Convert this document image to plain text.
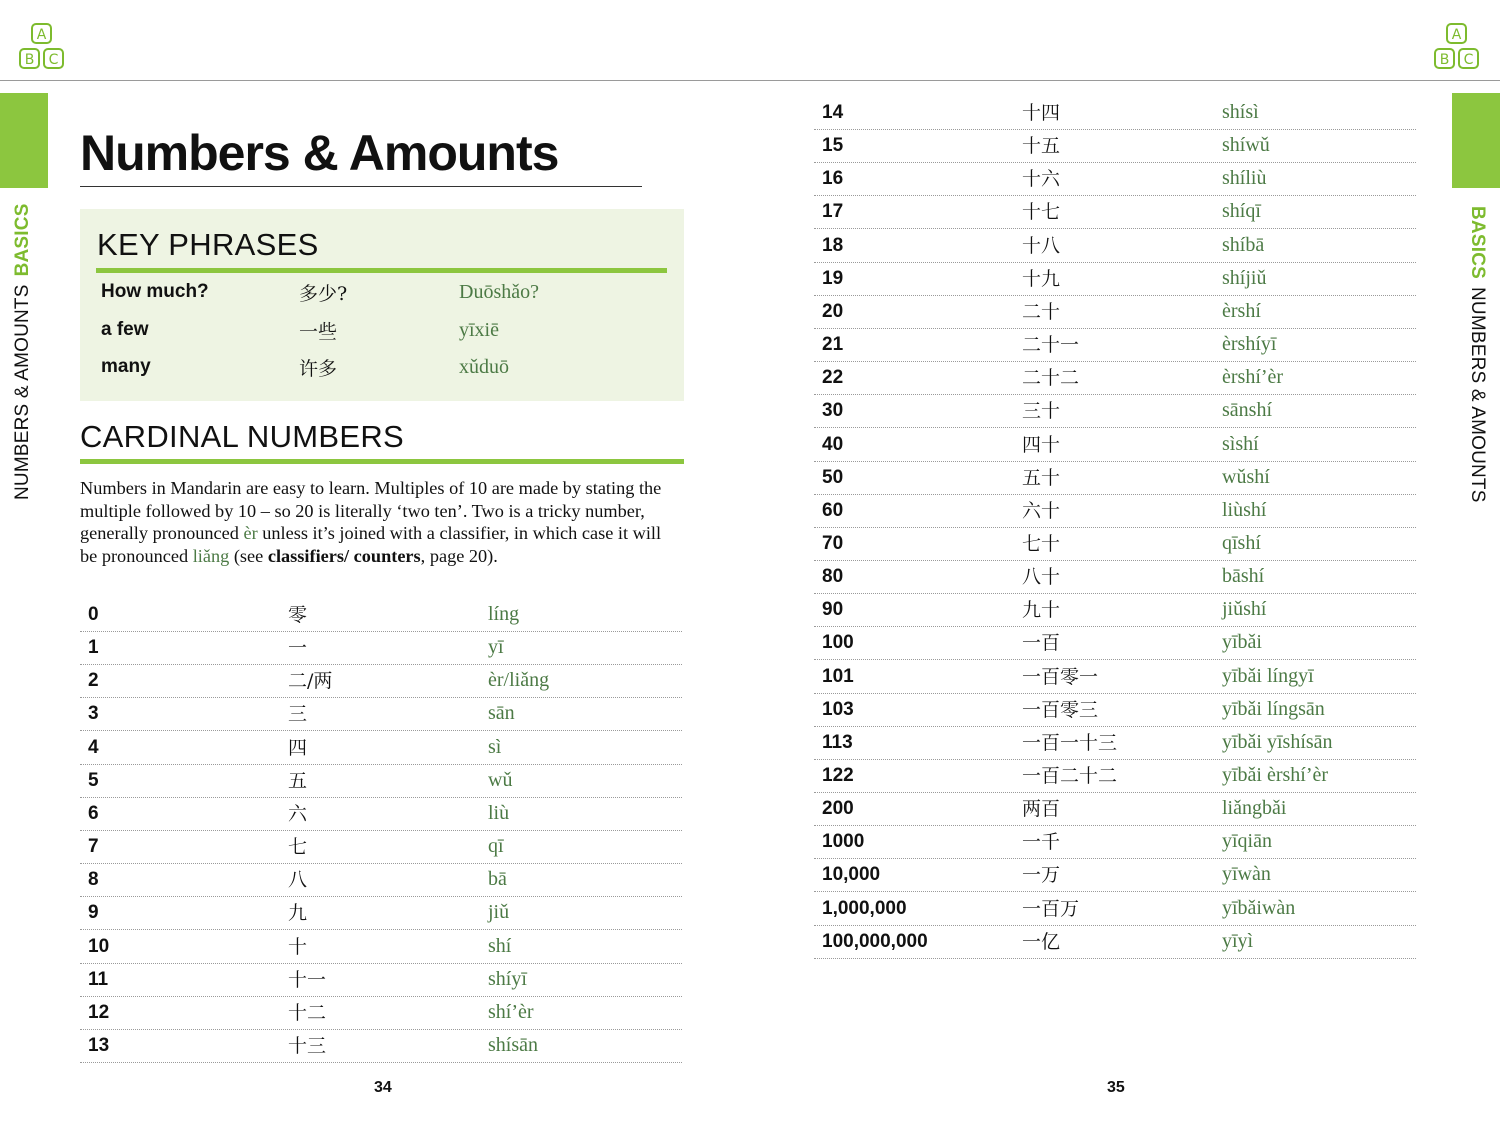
A
B C
A
B C
NUMBERS & AMOUNTSBASICS	BASICSNUMBERS & AMOUNTS
Numbers & Amounts
KEY PHRASES
How much?	多少?	Duōshǎo?
a few	一些	yīxiē
many	许多	xǔduō
CARDINAL NUMBERS

Numbers in Mandarin are easy to learn. Multiples of 10 are made by stating the multiple followed by 10 – so 20 is literally ‘two ten’. Two is a tricky number, generally pronounced èr unless it’s joined with a classifier, in which case it will be pronounced liǎng (see classifiers/ counters, page 20).

0	零	líng
1	一	yī
2	二/两	èr/liǎng
3	三	sān
4	四	sì
5	五	wǔ
6	六	liù
7	七	qī
8	八	bā
9	九	jiǔ
10	十	shí
11	十一	shíyī
12	十二	shí’èr
13	十三	shísān
14	十四	shísì
15	十五	shíwǔ
16	十六	shíliù
17	十七	shíqī
18	十八	shíbā
19	十九	shíjiǔ
20	二十	èrshí
21	二十一	èrshíyī
22	二十二	èrshí’èr
30	三十	sānshí
40	四十	sìshí
50	五十	wǔshí
60	六十	liùshí
70	七十	qīshí
80	八十	bāshí
90	九十	jiǔshí
100	一百	yībǎi
101	一百零一	yībǎi língyī
103	一百零三	yībǎi língsān
113	一百一十三	yībǎi yīshísān
122	一百二十二	yībǎi èrshí’èr
200	两百	liǎngbǎi
1000	一千	yīqiān
10,000	一万	yīwàn
1,000,000	一百万	yībǎiwàn
100,000,000	一亿	yīyì
34	35
